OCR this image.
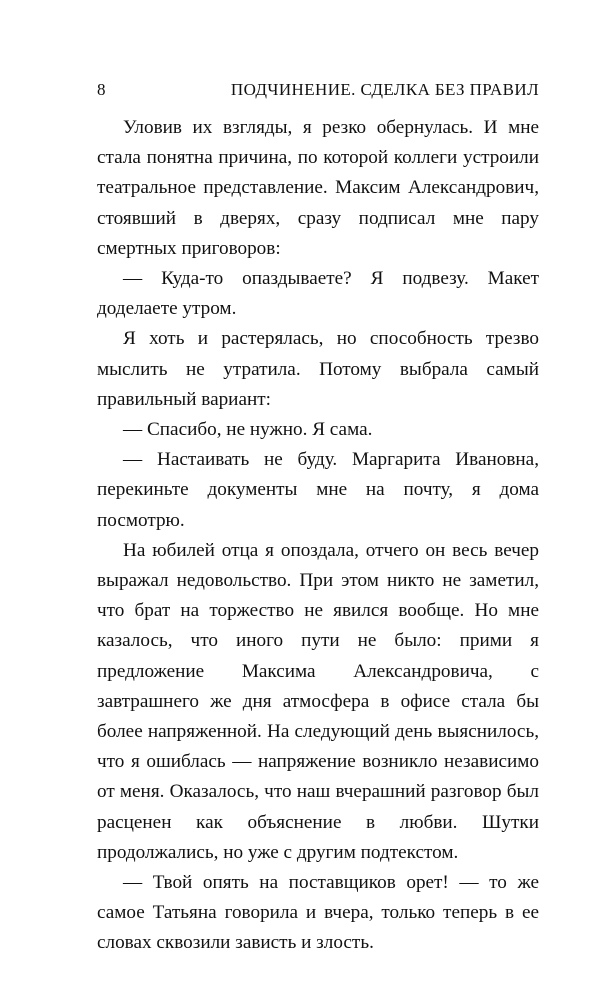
8	ПОДЧИНЕНИЕ. СДЕЛКА БЕЗ ПРАВИЛ

Уловив их взгляды, я резко обернулась. И мне стала понятна причина, по которой коллеги устроили театральное представление. Максим Александрович, стоявший в дверях, сразу подписал мне пару смертных приговоров:

— Куда-то опаздываете? Я подвезу. Макет доделаете утром.

Я хоть и растерялась, но способность трезво мыслить не утратила. Потому выбрала самый правильный вариант:

— Спасибо, не нужно. Я сама.

— Настаивать не буду. Маргарита Ивановна, перекиньте документы мне на почту, я дома посмотрю.

На юбилей отца я опоздала, отчего он весь вечер выражал недовольство. При этом никто не заметил, что брат на торжество не явился вообще. Но мне казалось, что иного пути не было: прими я предложение Максима Александровича, с завтрашнего же дня атмосфера в офисе стала бы более напряженной. На следующий день выяснилось, что я ошиблась — напряжение возникло независимо от меня. Оказалось, что наш вчерашний разговор был расценен как объяснение в любви. Шутки продолжались, но уже с другим подтекстом.

— Твой опять на поставщиков орет! — то же самое Татьяна говорила и вчера, только теперь в ее словах сквозили зависть и злость.
